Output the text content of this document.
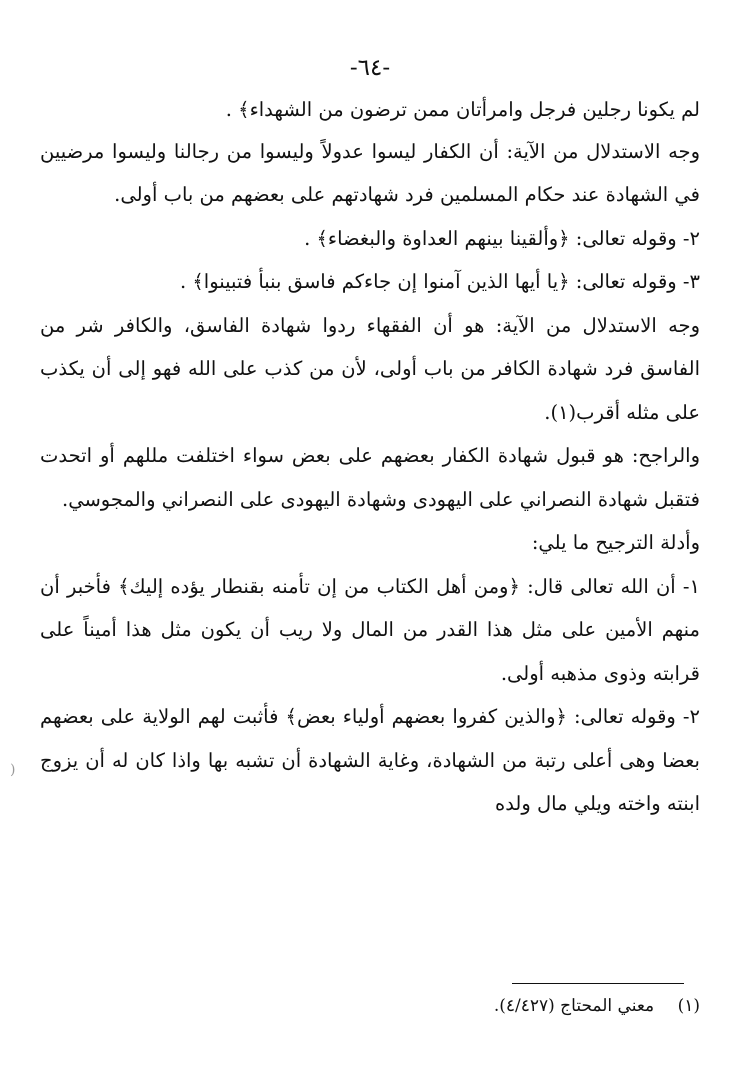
-٦٤-

لم يكونا رجلين فرجل وامرأتان ممن ترضون من الشهداء﴾ .

وجه الاستدلال من الآية: أن الكفار ليسوا عدولاً وليسوا من رجالنا وليسوا مرضيين في الشهادة عند حكام المسلمين فرد شهادتهم على بعضهم من باب أولى.

٢- وقوله تعالى: ﴿وألقينا بينهم العداوة والبغضاء﴾ .

٣- وقوله تعالى: ﴿يا أيها الذين آمنوا إن جاءكم فاسق بنبأ فتبينوا﴾ .

وجه الاستدلال من الآية: هو أن الفقهاء ردوا شهادة الفاسق، والكافر شر من الفاسق فرد شهادة الكافر من باب أولى، لأن من كذب على الله فهو إلى أن يكذب على مثله أقرب(١).

والراجح: هو قبول شهادة الكفار بعضهم على بعض سواء اختلفت مللهم أو اتحدت فتقبل شهادة النصراني على اليهودى وشهادة اليهودى على النصراني والمجوسي.

وأدلة الترجيح ما يلي:

١- أن الله تعالى قال: ﴿ومن أهل الكتاب من إن تأمنه بقنطار يؤده إليك﴾ فأخبر أن منهم الأمين على مثل هذا القدر من المال ولا ريب أن يكون مثل هذا أميناً على قرابته وذوى مذهبه أولى.

٢- وقوله تعالى: ﴿والذين كفروا بعضهم أولياء بعض﴾ فأثبت لهم الولاية على بعضهم بعضا وهى أعلى رتبة من الشهادة، وغاية الشهادة أن تشبه بها واذا كان له أن يزوج ابنته واخته ويلي مال ولده

)
(١) معني المحتاج (٤/٤٢٧).
